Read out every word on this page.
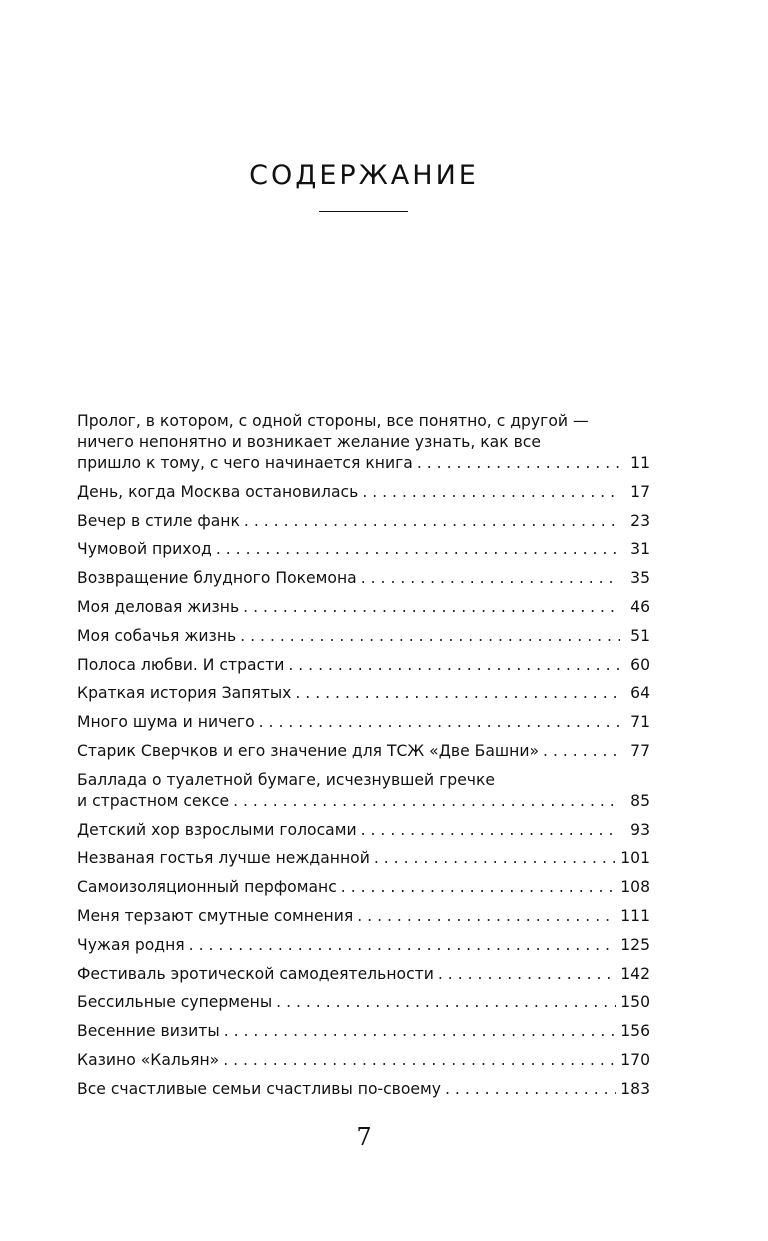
СОДЕРЖАНИЕ
Пролог, в котором, с одной стороны, все понятно, с другой —
ничего непонятно и возникает желание узнать, как все
пришло к тому, с чего начинается книга . . .	11
День, когда Москва остановилась . . .	17
Вечер в стиле фанк . . .	23
Чумовой приход . . .	31
Возвращение блудного Покемона . . .	35
Моя деловая жизнь . . .	46
Моя собачья жизнь . . .	51
Полоса любви. И страсти . . .	60
Краткая история Запятых . . .	64
Много шума и ничего . . .	71
Старик Сверчков и его значение для ТСЖ «Две Башни» . . .	77
Баллада о туалетной бумаге, исчезнувшей гречке
и страстном сексе . . .	85
Детский хор взрослыми голосами . . .	93
Незваная гостья лучше нежданной . . .	101
Самоизоляционный перфоманс . . .	108
Меня терзают смутные сомнения . . .	111
Чужая родня . . .	125
Фестиваль эротической самодеятельности . . .	142
Бессильные супермены . . .	150
Весенние визиты . . .	156
Казино «Кальян» . . .	170
Все счастливые семьи счастливы по-своему . . .	183
7
